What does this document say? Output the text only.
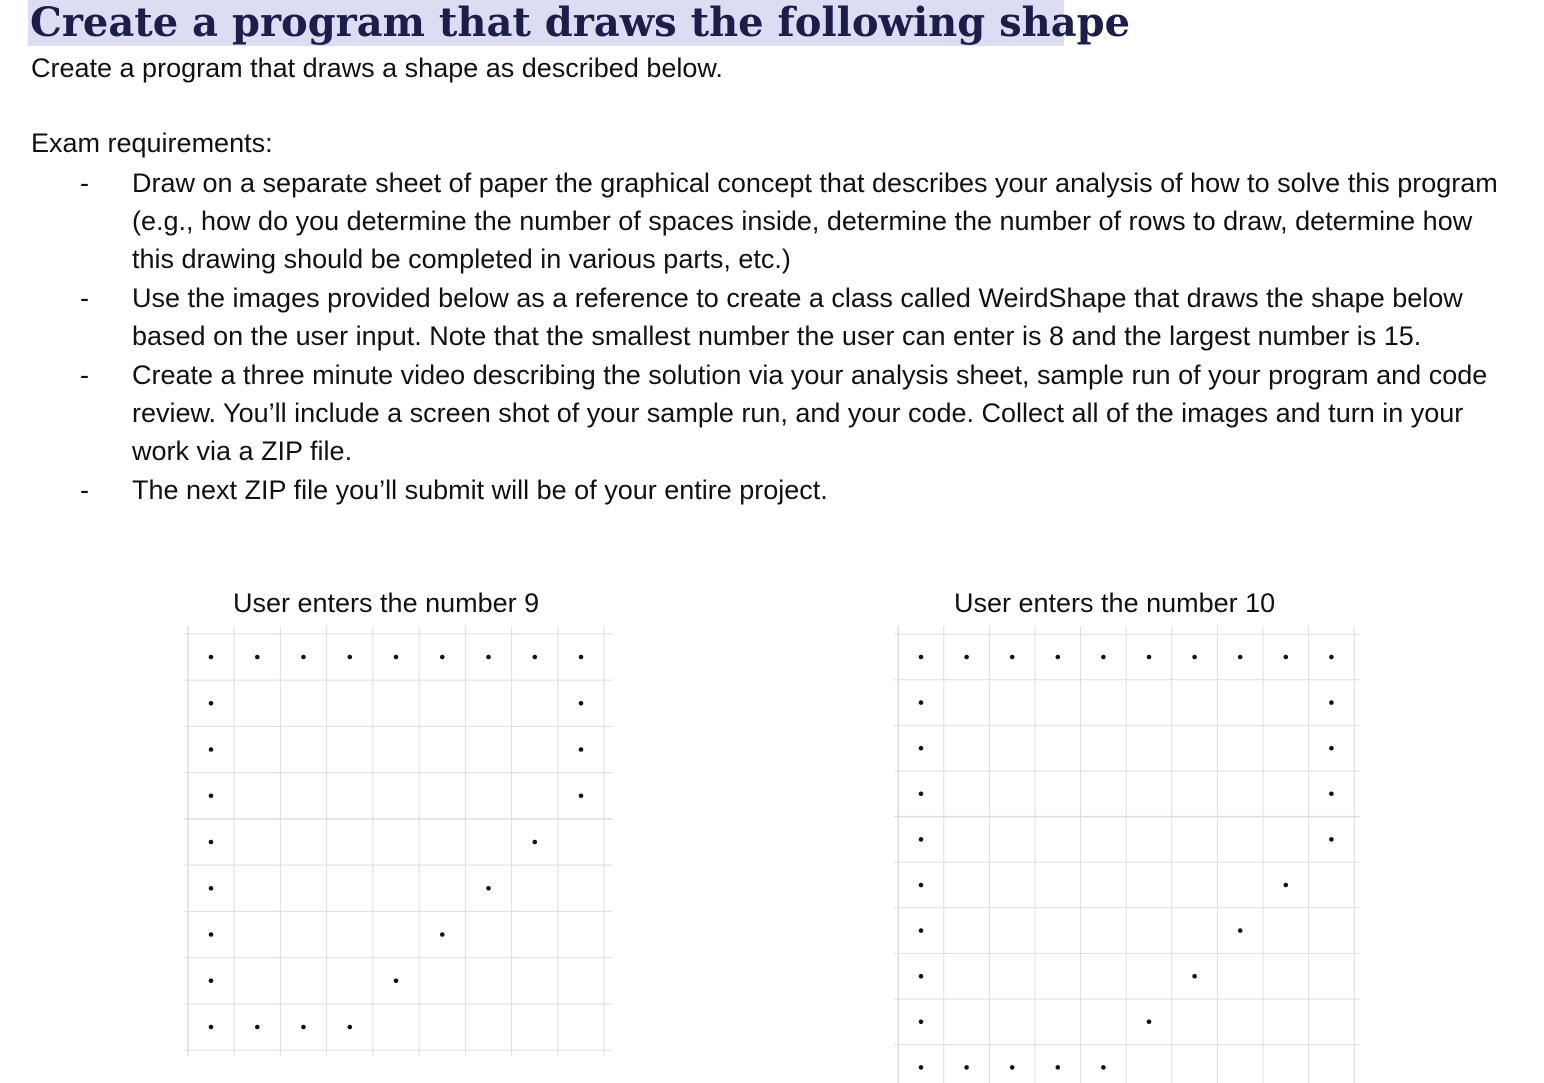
Create a program that draws the following shape
Create a program that draws a shape as described below.
Exam requirements:
- Draw on a separate sheet of paper the graphical concept that describes your analysis of how to solve this program (e.g., how do you determine the number of spaces inside, determine the number of rows to draw, determine how this drawing should be completed in various parts, etc.)
- Use the images provided below as a reference to create a class called WeirdShape that draws the shape below based on the user input. Note that the smallest number the user can enter is 8 and the largest number is 15.
- Create a three minute video describing the solution via your analysis sheet, sample run of your program and code review. You’ll include a screen shot of your sample run, and your code. Collect all of the images and turn in your work via a ZIP file.
- The next ZIP file you’ll submit will be of your entire project.
User enters the number 9	User enters the number 10
